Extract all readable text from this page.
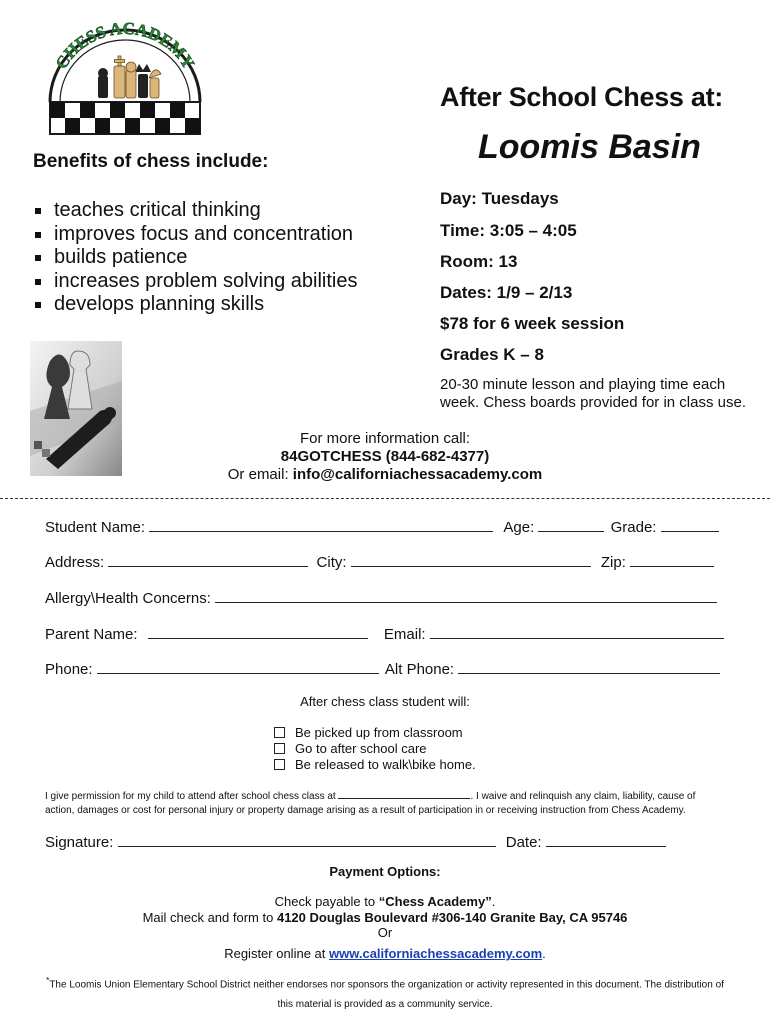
CHESS ACADEMY
After School Chess at:
Loomis Basin
Benefits of chess include:
teaches critical thinking
improves focus and concentration
builds patience
increases problem solving abilities
develops planning skills
Day: Tuesdays
Time: 3:05 – 4:05
Room: 13
Dates: 1/9 – 2/13
$78 for 6 week session
Grades K – 8
20-30 minute lesson and playing time each week. Chess boards provided for in class use.
For more information call:
84GOTCHESS (844-682-4377)
Or email: info@californiachessacademy.com
Student Name:	Age:	Grade:
Address:	City:	Zip:
Allergy\Health Concerns:
Parent Name:	Email:
Phone:	Alt Phone:
After chess class student will:
Be picked up from classroom
Go to after school care
Be released to walk\bike home.
I give permission for my child to attend after school chess class at	. I waive and relinquish any claim, liability, cause of action, damages or cost for personal injury or property damage arising as a result of participation in or receiving instruction from Chess Academy.
Signature:	Date:
Payment Options:
Check payable to “Chess Academy”.
Mail check and form to 4120 Douglas Boulevard #306-140 Granite Bay, CA 95746
Or
Register online at www.californiachessacademy.com.
*The Loomis Union Elementary School District neither endorses nor sponsors the organization or activity represented in this document. The distribution of this material is provided as a community service.
